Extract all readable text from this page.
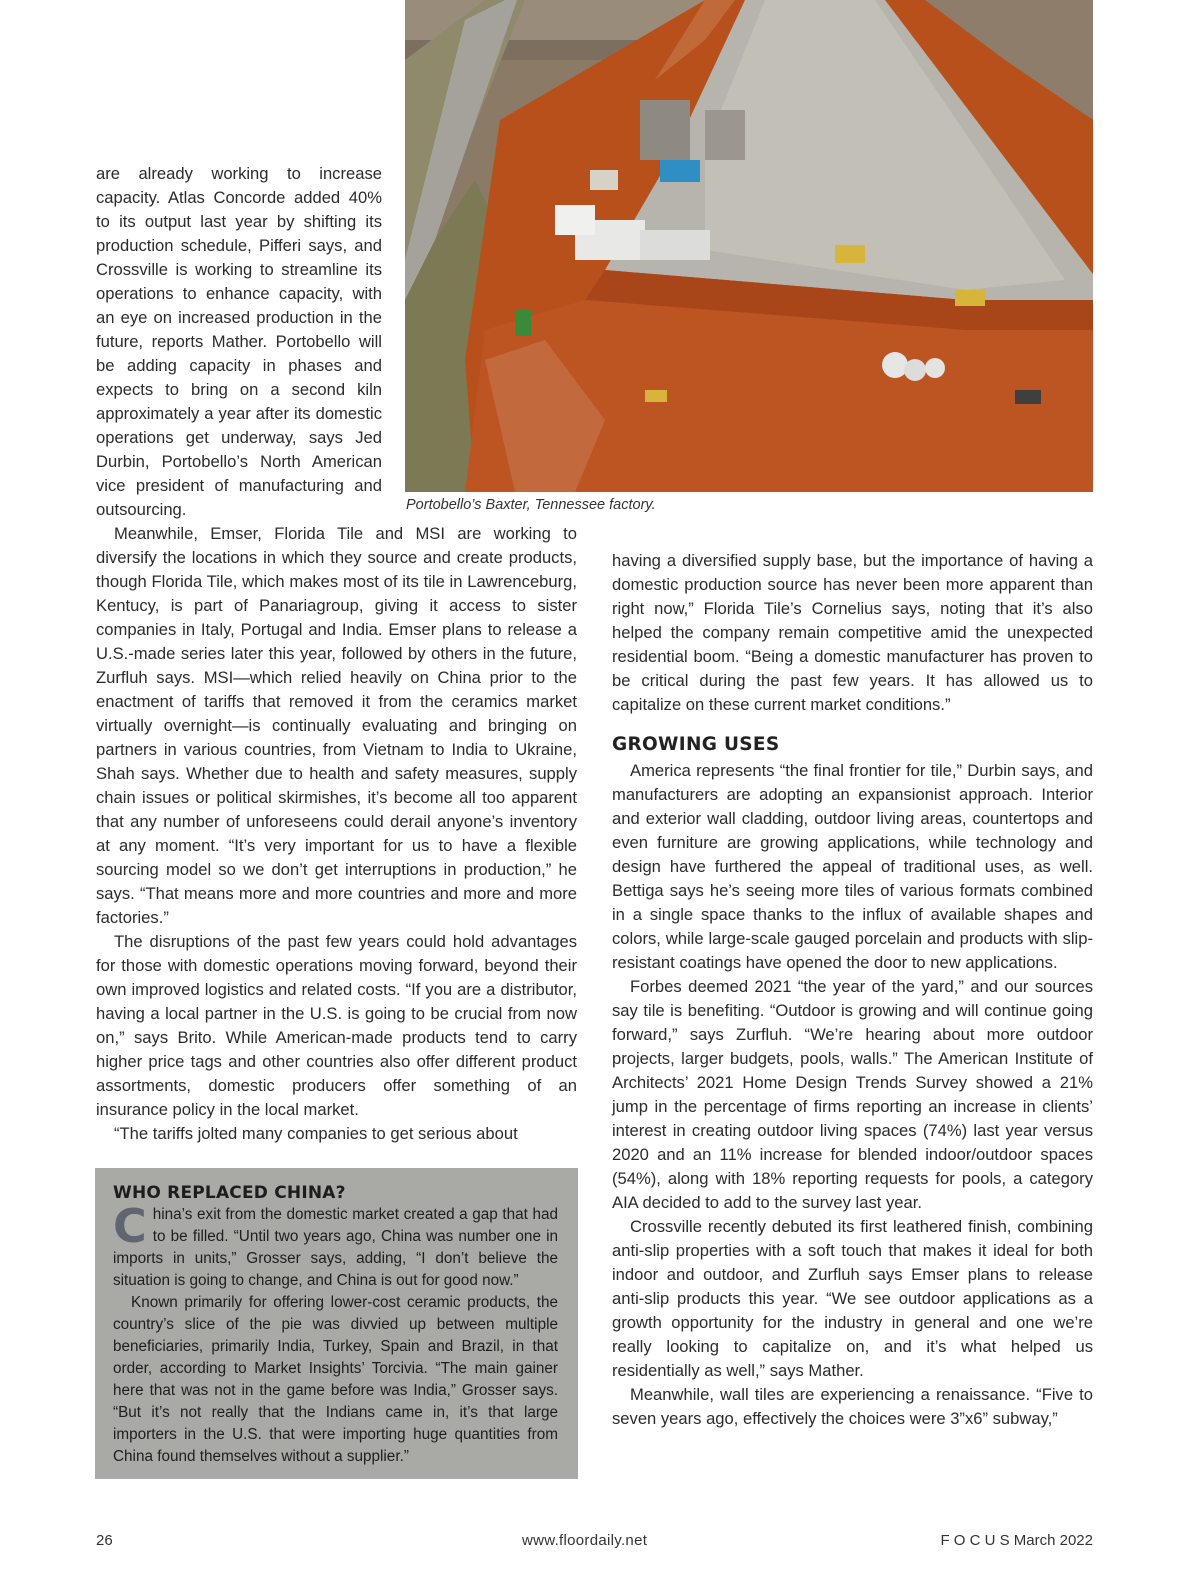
Portobello’s Baxter, Tennessee factory.

are already working to increase capacity. Atlas Concorde added 40% to its output last year by shifting its production schedule, Pifferi says, and Crossville is working to streamline its operations to enhance capacity, with an eye on increased production in the future, reports Mather. Portobello will be adding capacity in phases and expects to bring on a second kiln approximately a year after its domestic operations get underway, says Jed Durbin, Portobello’s North American vice president of manufacturing and outsourcing.

Meanwhile, Emser, Florida Tile and MSI are working to diversify the locations in which they source and create products, though Florida Tile, which makes most of its tile in Lawrenceburg, Kentucy, is part of Panariagroup, giving it access to sister companies in Italy, Portugal and India. Emser plans to release a U.S.-made series later this year, followed by others in the future, Zurfluh says. MSI—which relied heavily on China prior to the enactment of tariffs that removed it from the ceramics market virtually overnight—is continually evaluating and bringing on partners in various countries, from Vietnam to India to Ukraine, Shah says. Whether due to health and safety measures, supply chain issues or political skirmishes, it’s become all too apparent that any number of unforeseens could derail anyone’s inventory at any moment. “It’s very important for us to have a flexible sourcing model so we don’t get interruptions in production,” he says. “That means more and more countries and more and more factories.”

The disruptions of the past few years could hold advantages for those with domestic operations moving forward, beyond their own improved logistics and related costs. “If you are a distributor, having a local partner in the U.S. is going to be crucial from now on,” says Brito. While American-made products tend to carry higher price tags and other countries also offer different product assortments, domestic producers offer something of an insurance policy in the local market.

“The tariffs jolted many companies to get serious about

WHO REPLACED CHINA?

China’s exit from the domestic market created a gap that had to be filled. “Until two years ago, China was number one in imports in units,” Grosser says, adding, “I don’t believe the situation is going to change, and China is out for good now.”

Known primarily for offering lower-cost ceramic products, the country’s slice of the pie was divvied up between multiple beneficiaries, primarily India, Turkey, Spain and Brazil, in that order, according to Market Insights’ Torcivia. “The main gainer here that was not in the game before was India,” Grosser says. “But it’s not really that the Indians came in, it’s that large importers in the U.S. that were importing huge quantities from China found themselves without a supplier.”

having a diversified supply base, but the importance of having a domestic production source has never been more apparent than right now,” Florida Tile’s Cornelius says, noting that it’s also helped the company remain competitive amid the unexpected residential boom. “Being a domestic manufacturer has proven to be critical during the past few years. It has allowed us to capitalize on these current market conditions.”

GROWING USES

America represents “the final frontier for tile,” Durbin says, and manufacturers are adopting an expansionist approach. Interior and exterior wall cladding, outdoor living areas, countertops and even furniture are growing applications, while technology and design have furthered the appeal of traditional uses, as well. Bettiga says he’s seeing more tiles of various formats combined in a single space thanks to the influx of available shapes and colors, while large-scale gauged porcelain and products with slip-resistant coatings have opened the door to new applications.

Forbes deemed 2021 “the year of the yard,” and our sources say tile is benefiting. “Outdoor is growing and will continue going forward,” says Zurfluh. “We’re hearing about more outdoor projects, larger budgets, pools, walls.” The American Institute of Architects’ 2021 Home Design Trends Survey showed a 21% jump in the percentage of firms reporting an increase in clients’ interest in creating outdoor living spaces (74%) last year versus 2020 and an 11% increase for blended indoor/outdoor spaces (54%), along with 18% reporting requests for pools, a category AIA decided to add to the survey last year.

Crossville recently debuted its first leathered finish, combining anti-slip properties with a soft touch that makes it ideal for both indoor and outdoor, and Zurfluh says Emser plans to release anti-slip products this year. “We see outdoor applications as a growth opportunity for the industry in general and one we’re really looking to capitalize on, and it’s what helped us residentially as well,” says Mather.

Meanwhile, wall tiles are experiencing a renaissance. “Five to seven years ago, effectively the choices were 3”x6” subway,”

26	www.floordaily.net	F O C U S March 2022
